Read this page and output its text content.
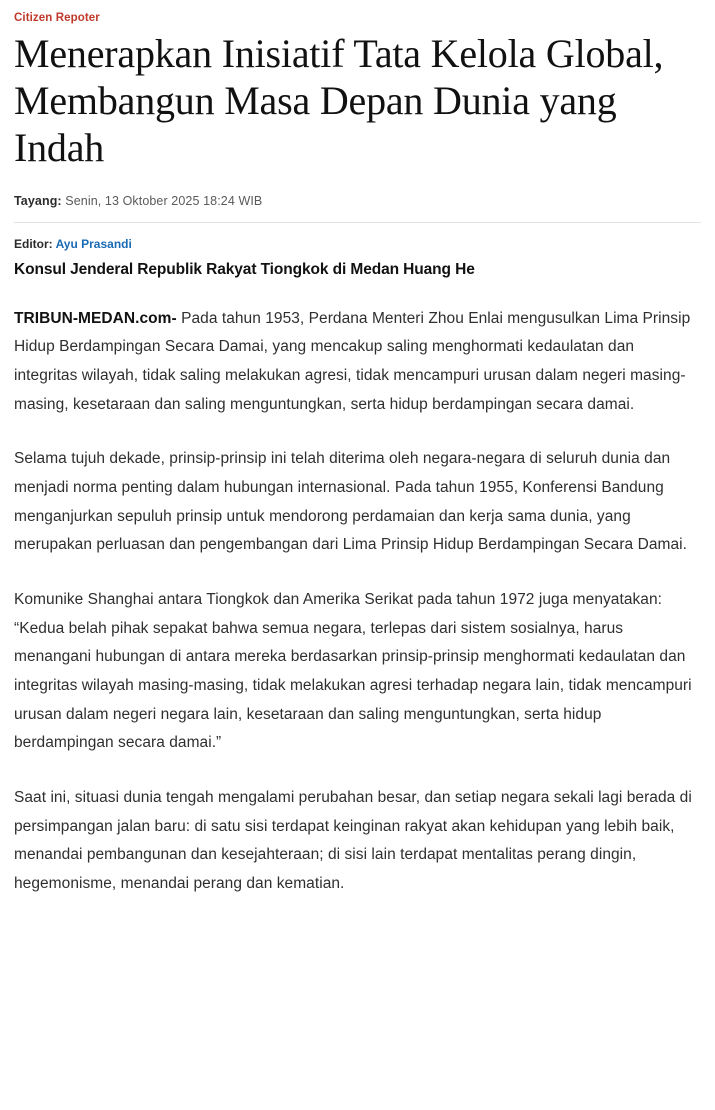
Citizen Repoter
Menerapkan Inisiatif Tata Kelola Global, Membangun Masa Depan Dunia yang Indah
Tayang: Senin, 13 Oktober 2025 18:24 WIB
Editor: Ayu Prasandi
Konsul Jenderal Republik Rakyat Tiongkok di Medan Huang He

TRIBUN-MEDAN.com- Pada tahun 1953, Perdana Menteri Zhou Enlai mengusulkan Lima Prinsip Hidup Berdampingan Secara Damai, yang mencakup saling menghormati kedaulatan dan integritas wilayah, tidak saling melakukan agresi, tidak mencampuri urusan dalam negeri masing-masing, kesetaraan dan saling menguntungkan, serta hidup berdampingan secara damai.

Selama tujuh dekade, prinsip-prinsip ini telah diterima oleh negara-negara di seluruh dunia dan menjadi norma penting dalam hubungan internasional. Pada tahun 1955, Konferensi Bandung menganjurkan sepuluh prinsip untuk mendorong perdamaian dan kerja sama dunia, yang merupakan perluasan dan pengembangan dari Lima Prinsip Hidup Berdampingan Secara Damai.

Komunike Shanghai antara Tiongkok dan Amerika Serikat pada tahun 1972 juga menyatakan: “Kedua belah pihak sepakat bahwa semua negara, terlepas dari sistem sosialnya, harus menangani hubungan di antara mereka berdasarkan prinsip-prinsip menghormati kedaulatan dan integritas wilayah masing-masing, tidak melakukan agresi terhadap negara lain, tidak mencampuri urusan dalam negeri negara lain, kesetaraan dan saling menguntungkan, serta hidup berdampingan secara damai.”

Saat ini, situasi dunia tengah mengalami perubahan besar, dan setiap negara sekali lagi berada di persimpangan jalan baru: di satu sisi terdapat keinginan rakyat akan kehidupan yang lebih baik, menandai pembangunan dan kesejahteraan; di sisi lain terdapat mentalitas perang dingin, hegemonisme, menandai perang dan kematian.
